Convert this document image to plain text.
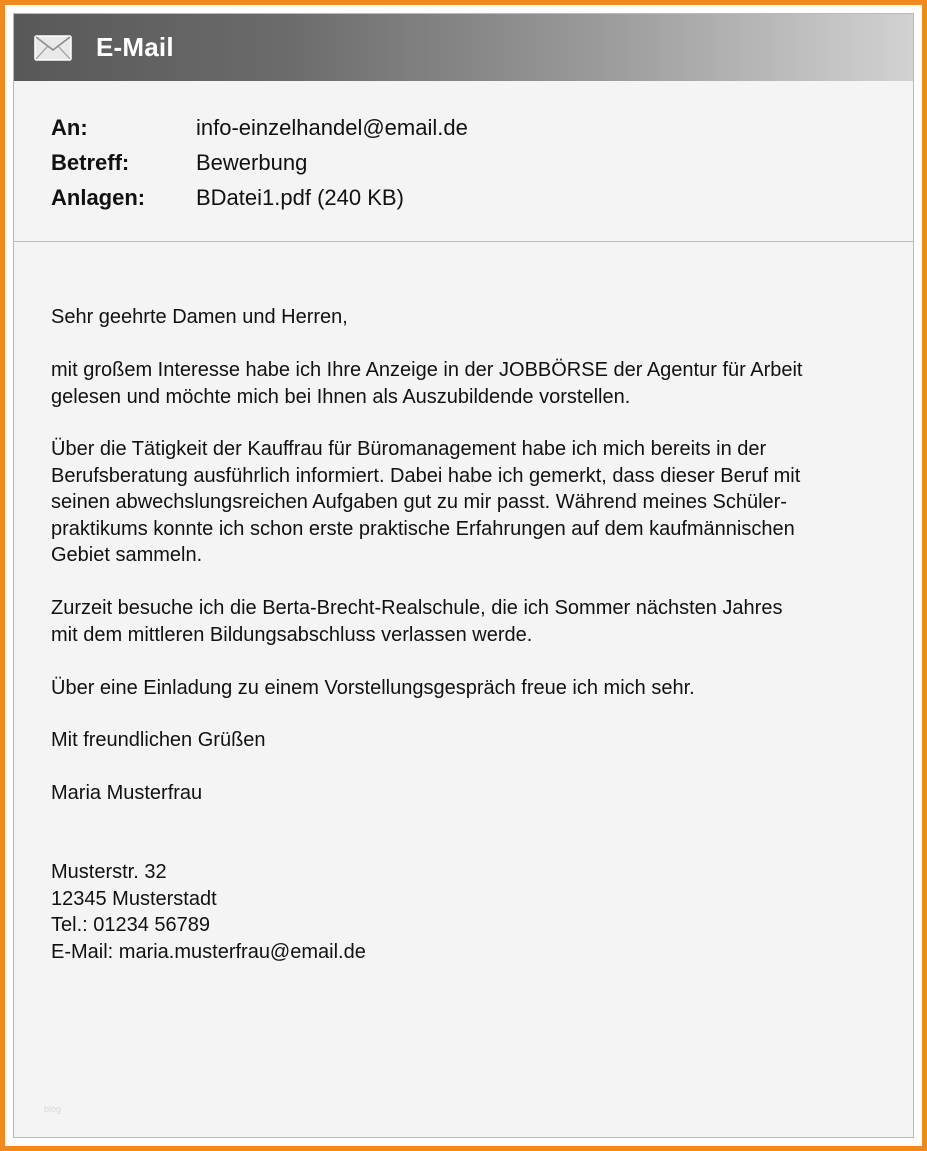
E-Mail
An:	info-einzelhandel@email.de
Betreff:	Bewerbung
Anlagen: BDatei1.pdf (240 KB)

Sehr geehrte Damen und Herren,

mit großem Interesse habe ich Ihre Anzeige in der JOBBÖRSE der Agentur für Arbeit
gelesen und möchte mich bei Ihnen als Auszubildende vorstellen.
Über die Tätigkeit der Kauffrau für Büromanagement habe ich mich bereits in der
Berufsberatung ausführlich informiert. Dabei habe ich gemerkt, dass dieser Beruf mit
seinen abwechslungsreichen Aufgaben gut zu mir passt. Während meines Schüler-
praktikums konnte ich schon erste praktische Erfahrungen auf dem kaufmännischen
Gebiet sammeln.
Zurzeit besuche ich die Berta-Brecht-Realschule, die ich Sommer nächsten Jahres
mit dem mittleren Bildungsabschluss verlassen werde.

Über eine Einladung zu einem Vorstellungsgespräch freue ich mich sehr.

Mit freundlichen Grüßen

Maria Musterfrau

Musterstr. 32
12345 Musterstadt
Tel.: 01234 56789
E-Mail: maria.musterfrau@email.de
blog
